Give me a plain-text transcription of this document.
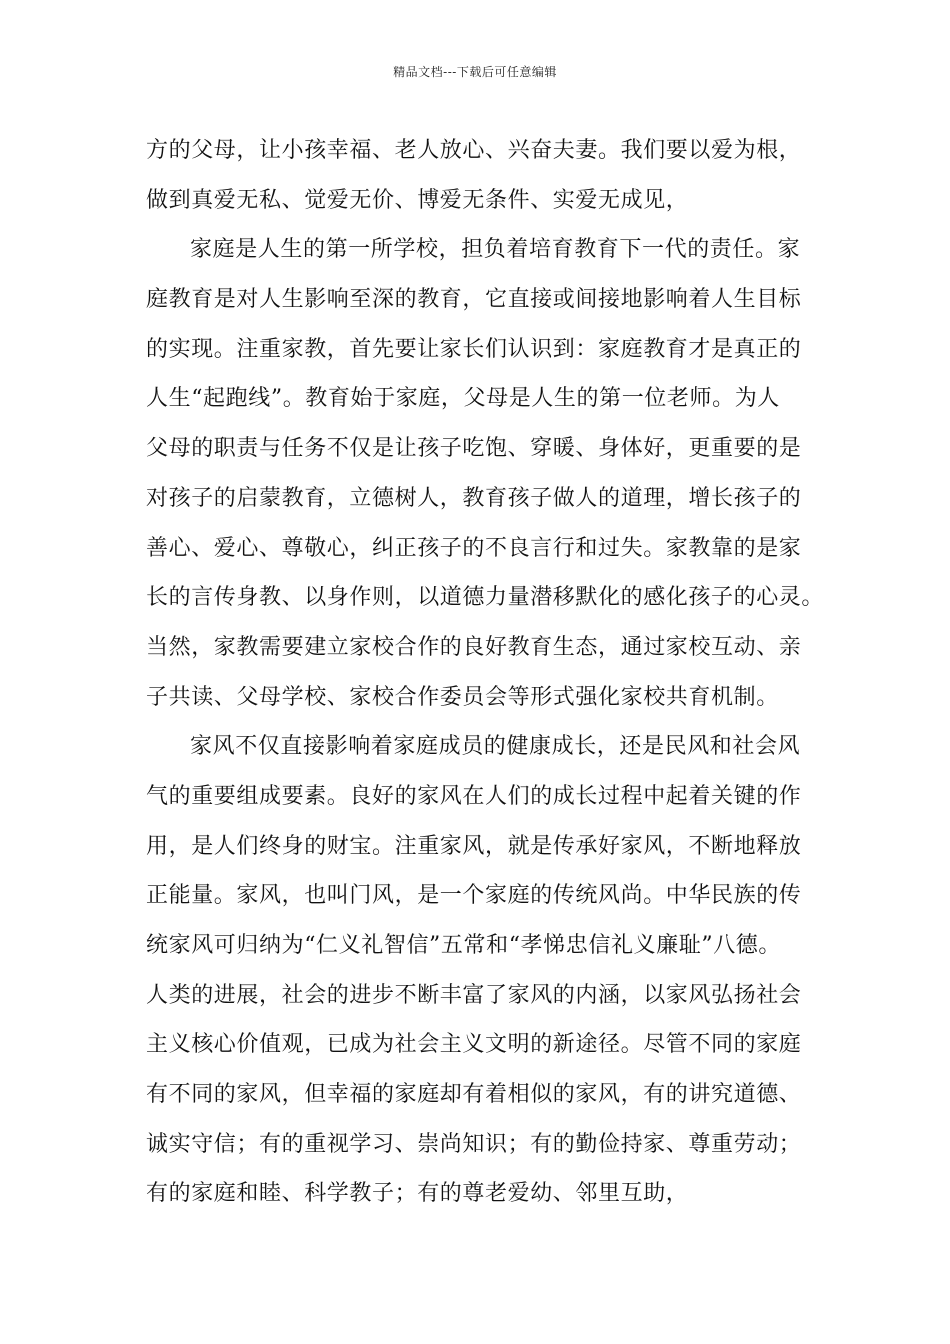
精品文档---下载后可任意编辑
方的父母，让小孩幸福、老人放心、兴奋夫妻。我们要以爱为根，
做到真爱无私、觉爱无价、博爱无条件、实爱无成见，
家庭是人生的第一所学校，担负着培育教育下一代的责任。家
庭教育是对人生影响至深的教育，它直接或间接地影响着人生目标
的实现。注重家教，首先要让家长们认识到：家庭教育才是真正的
人生“起跑线”。教育始于家庭，父母是人生的第一位老师。为人
父母的职责与任务不仅是让孩子吃饱、穿暖、身体好，更重要的是
对孩子的启蒙教育，立德树人，教育孩子做人的道理，增长孩子的
善心、爱心、尊敬心，纠正孩子的不良言行和过失。家教靠的是家
长的言传身教、以身作则，以道德力量潜移默化的感化孩子的心灵。
当然，家教需要建立家校合作的良好教育生态，通过家校互动、亲
子共读、父母学校、家校合作委员会等形式强化家校共育机制。
家风不仅直接影响着家庭成员的健康成长，还是民风和社会风
气的重要组成要素。良好的家风在人们的成长过程中起着关键的作
用，是人们终身的财宝。注重家风，就是传承好家风，不断地释放
正能量。家风，也叫门风，是一个家庭的传统风尚。中华民族的传
统家风可归纳为“仁义礼智信”五常和“孝悌忠信礼义廉耻”八德。
人类的进展，社会的进步不断丰富了家风的内涵，以家风弘扬社会
主义核心价值观，已成为社会主义文明的新途径。尽管不同的家庭
有不同的家风，但幸福的家庭却有着相似的家风，有的讲究道德、
诚实守信；有的重视学习、崇尚知识；有的勤俭持家、尊重劳动；
有的家庭和睦、科学教子；有的尊老爱幼、邻里互助，
